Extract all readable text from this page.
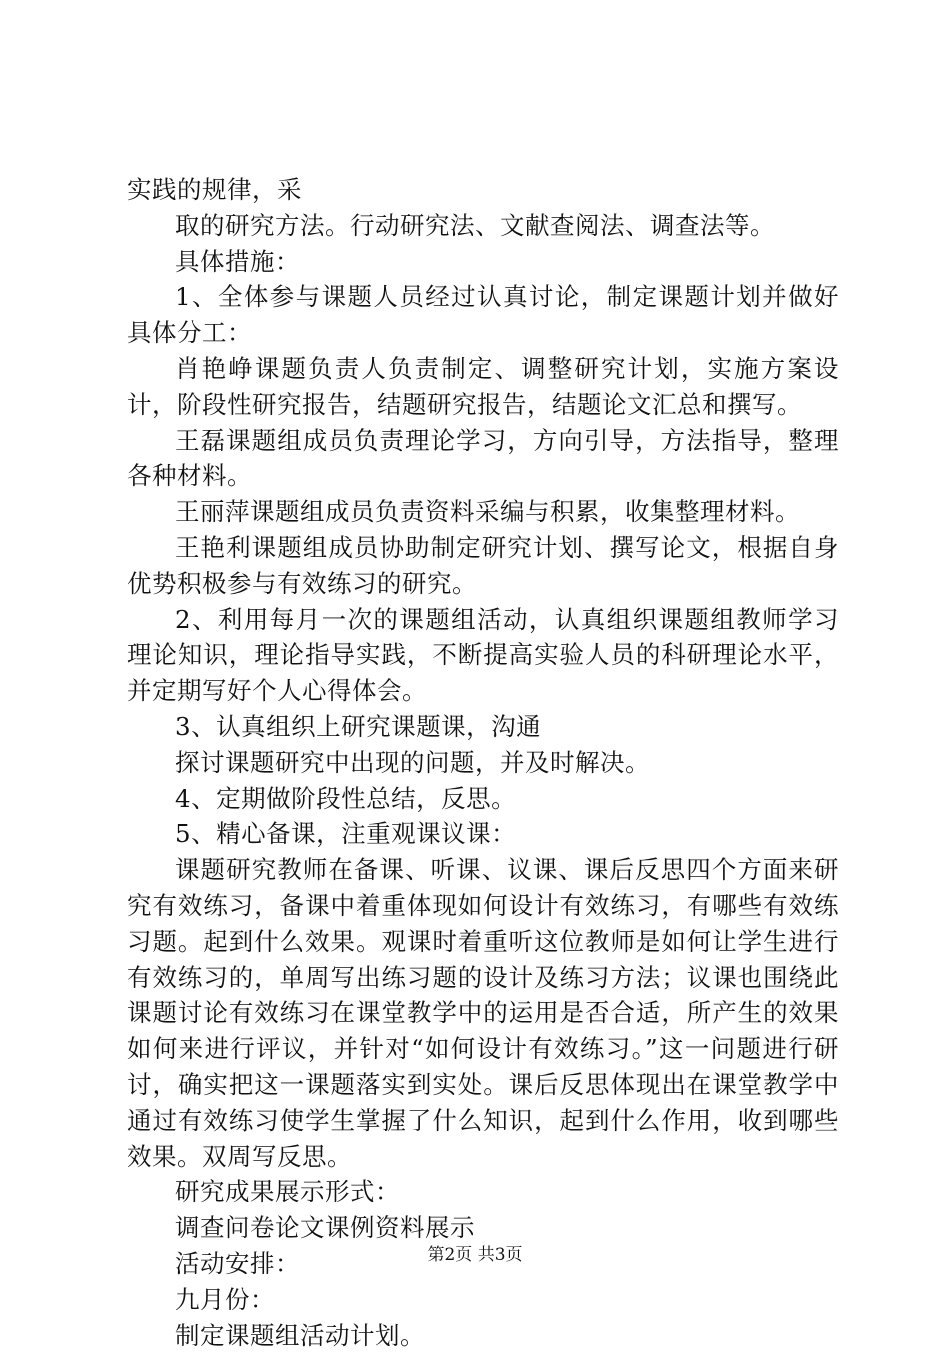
实践的规律，采

取的研究方法。行动研究法、文献查阅法、调查法等。

具体措施：

1、全体参与课题人员经过认真讨论，制定课题计划并做好具体分工：

肖艳峥课题负责人负责制定、调整研究计划，实施方案设计，阶段性研究报告，结题研究报告，结题论文汇总和撰写。

王磊课题组成员负责理论学习，方向引导，方法指导，整理各种材料。

王丽萍课题组成员负责资料采编与积累，收集整理材料。

王艳利课题组成员协助制定研究计划、撰写论文，根据自身优势积极参与有效练习的研究。

2、利用每月一次的课题组活动，认真组织课题组教师学习理论知识，理论指导实践，不断提高实验人员的科研理论水平，并定期写好个人心得体会。

3、认真组织上研究课题课，沟通

探讨课题研究中出现的问题，并及时解决。

4、定期做阶段性总结，反思。

5、精心备课，注重观课议课：

课题研究教师在备课、听课、议课、课后反思四个方面来研究有效练习，备课中着重体现如何设计有效练习，有哪些有效练习题。起到什么效果。观课时着重听这位教师是如何让学生进行有效练习的，单周写出练习题的设计及练习方法；议课也围绕此课题讨论有效练习在课堂教学中的运用是否合适，所产生的效果如何来进行评议，并针对“如何设计有效练习。”这一问题进行研讨，确实把这一课题落实到实处。课后反思体现出在课堂教学中通过有效练习使学生掌握了什么知识，起到什么作用，收到哪些效果。双周写反思。

研究成果展示形式：

调查问卷论文课例资料展示

活动安排：

九月份：

制定课题组活动计划。

第2页 共3页
